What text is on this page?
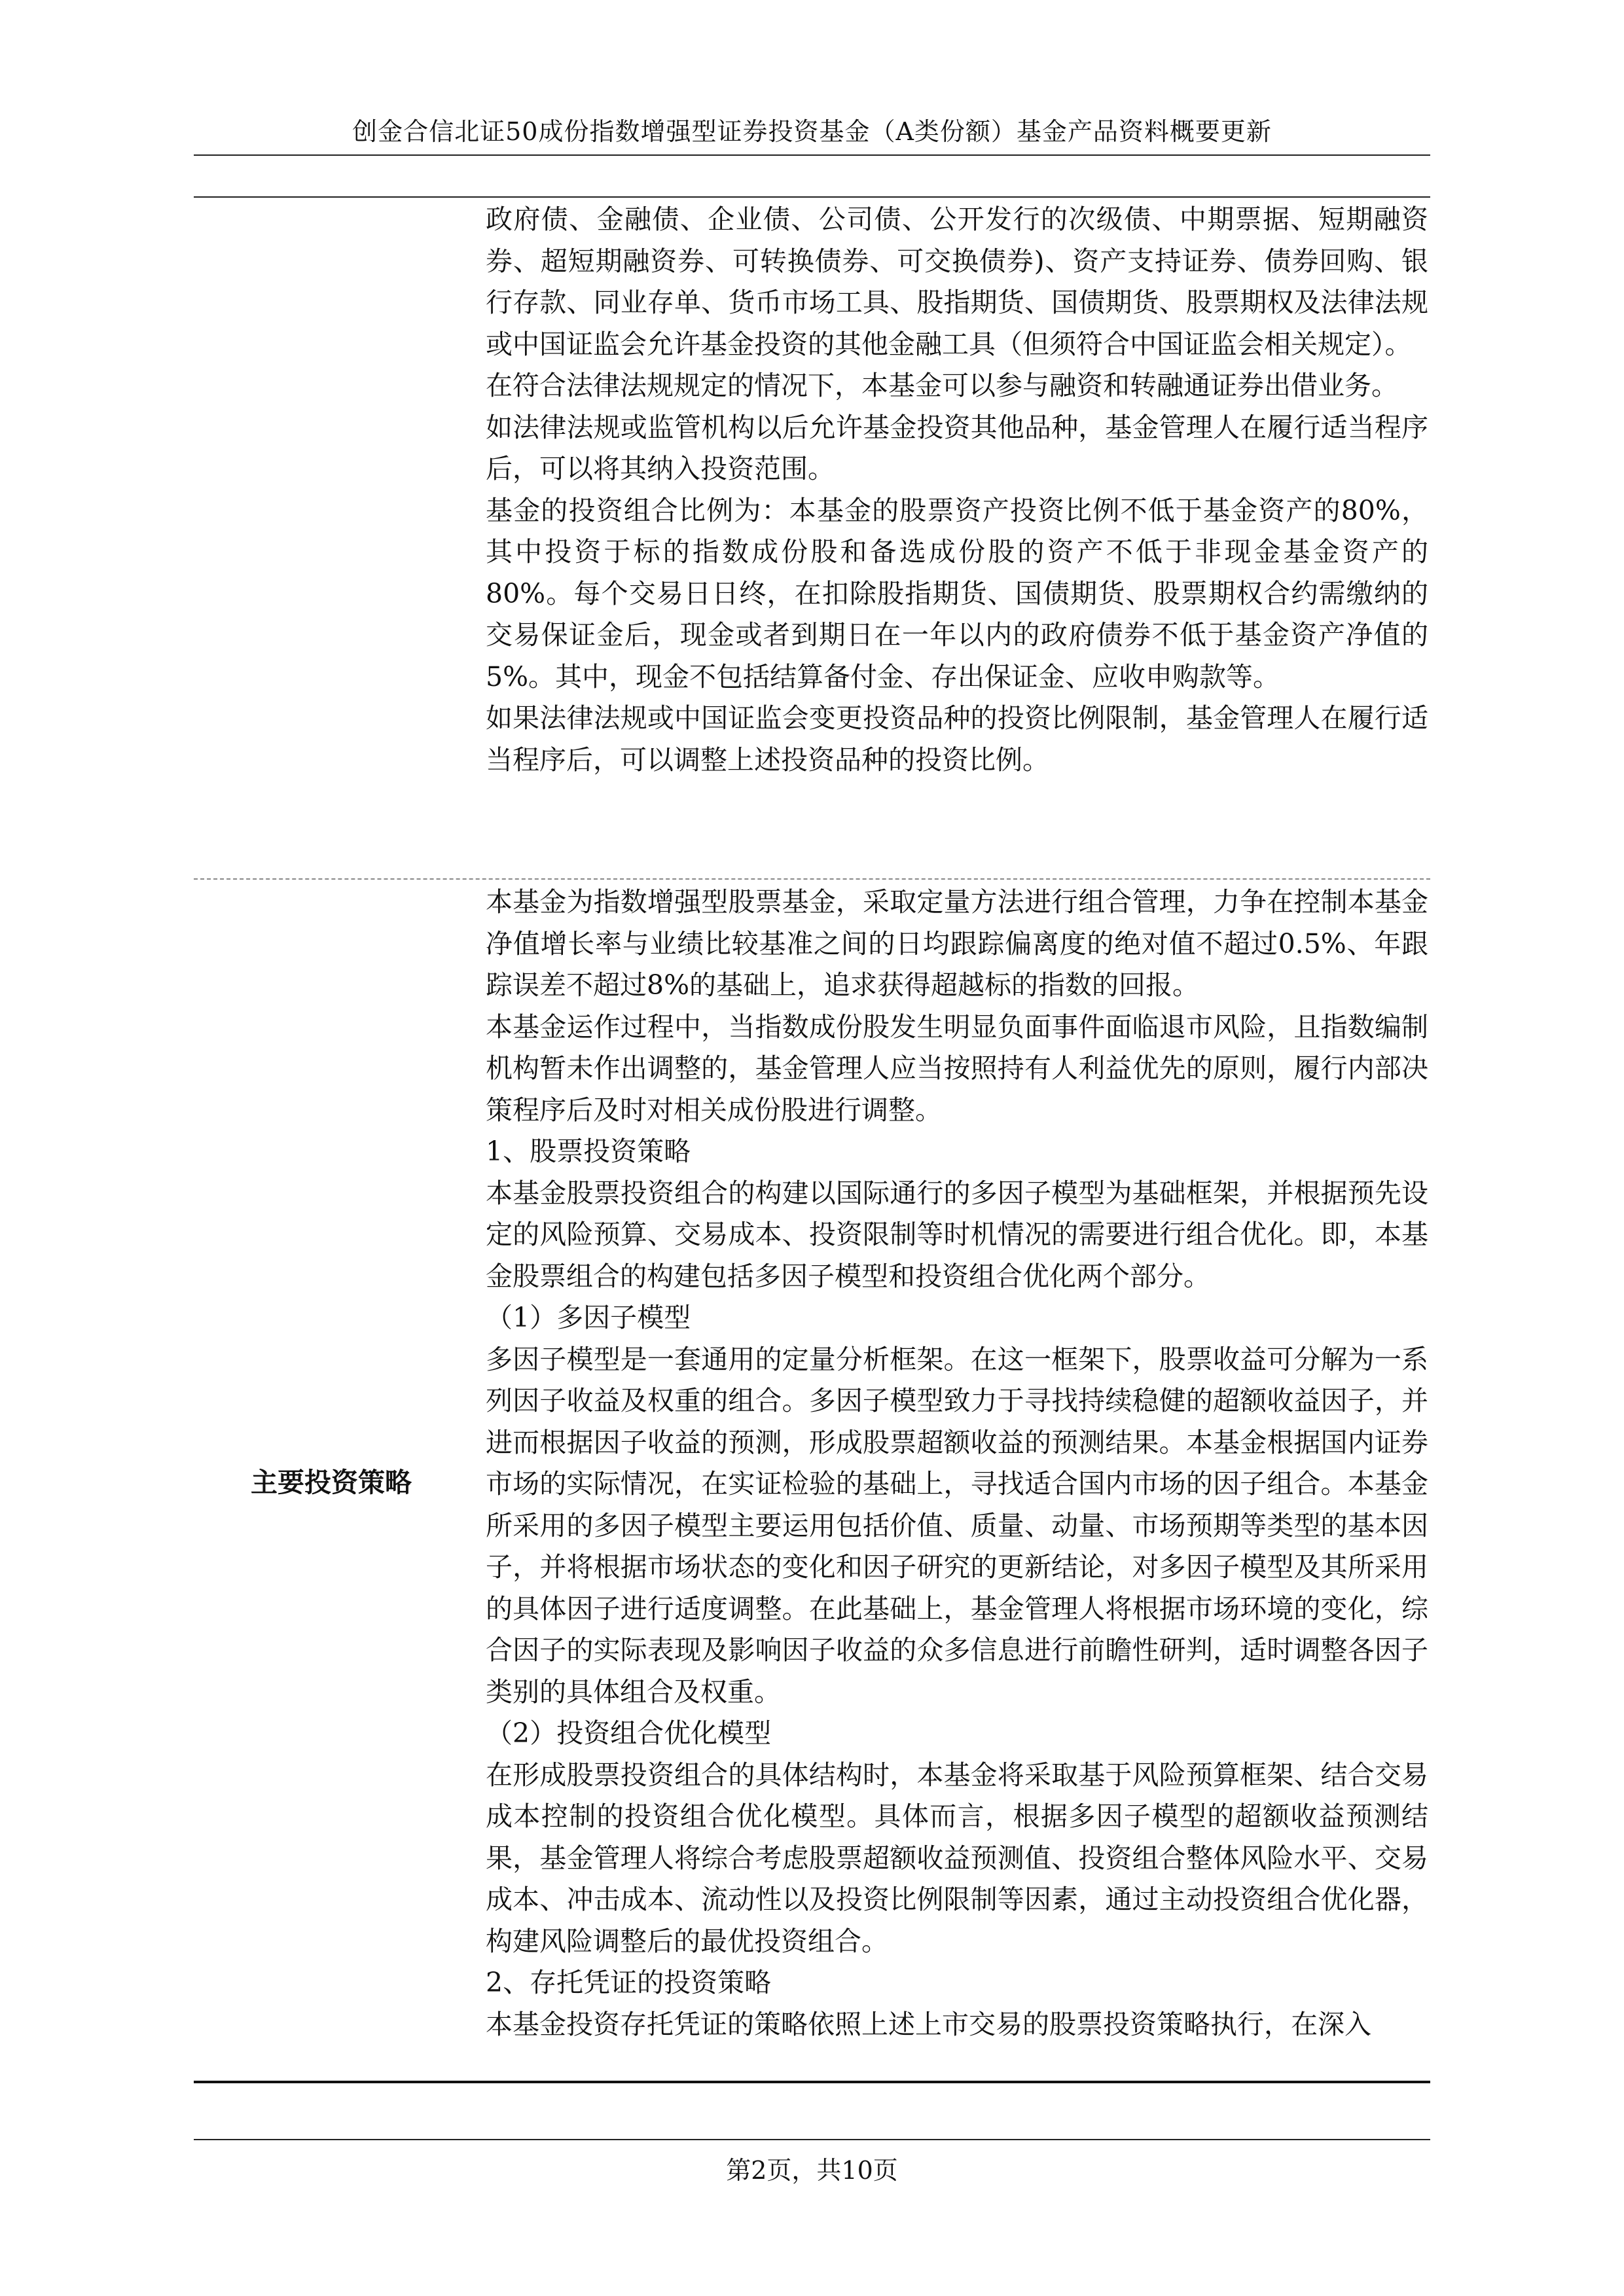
创金合信北证50成份指数增强型证券投资基金（A类份额）基金产品资料概要更新

政府债、金融债、企业债、公司债、公开发行的次级债、中期票据、短期融资券、超短期融资券、可转换债券、可交换债券)、资产支持证券、债券回购、银行存款、同业存单、货币市场工具、股指期货、国债期货、股票期权及法律法规或中国证监会允许基金投资的其他金融工具（但须符合中国证监会相关规定）。

在符合法律法规规定的情况下，本基金可以参与融资和转融通证券出借业务。

如法律法规或监管机构以后允许基金投资其他品种，基金管理人在履行适当程序后，可以将其纳入投资范围。

基金的投资组合比例为：本基金的股票资产投资比例不低于基金资产的80%，其中投资于标的指数成份股和备选成份股的资产不低于非现金基金资产的80%。每个交易日日终，在扣除股指期货、国债期货、股票期权合约需缴纳的交易保证金后，现金或者到期日在一年以内的政府债券不低于基金资产净值的5%。其中，现金不包括结算备付金、存出保证金、应收申购款等。

如果法律法规或中国证监会变更投资品种的投资比例限制，基金管理人在履行适当程序后，可以调整上述投资品种的投资比例。

主要投资策略

本基金为指数增强型股票基金，采取定量方法进行组合管理，力争在控制本基金净值增长率与业绩比较基准之间的日均跟踪偏离度的绝对值不超过0.5%、年跟踪误差不超过8%的基础上，追求获得超越标的指数的回报。

本基金运作过程中，当指数成份股发生明显负面事件面临退市风险，且指数编制机构暂未作出调整的，基金管理人应当按照持有人利益优先的原则，履行内部决策程序后及时对相关成份股进行调整。

1、股票投资策略

本基金股票投资组合的构建以国际通行的多因子模型为基础框架，并根据预先设定的风险预算、交易成本、投资限制等时机情况的需要进行组合优化。即，本基金股票组合的构建包括多因子模型和投资组合优化两个部分。

（1）多因子模型

多因子模型是一套通用的定量分析框架。在这一框架下，股票收益可分解为一系列因子收益及权重的组合。多因子模型致力于寻找持续稳健的超额收益因子，并进而根据因子收益的预测，形成股票超额收益的预测结果。本基金根据国内证券市场的实际情况，在实证检验的基础上，寻找适合国内市场的因子组合。本基金所采用的多因子模型主要运用包括价值、质量、动量、市场预期等类型的基本因子，并将根据市场状态的变化和因子研究的更新结论，对多因子模型及其所采用的具体因子进行适度调整。在此基础上，基金管理人将根据市场环境的变化，综合因子的实际表现及影响因子收益的众多信息进行前瞻性研判，适时调整各因子类别的具体组合及权重。

（2）投资组合优化模型

在形成股票投资组合的具体结构时，本基金将采取基于风险预算框架、结合交易成本控制的投资组合优化模型。具体而言，根据多因子模型的超额收益预测结果，基金管理人将综合考虑股票超额收益预测值、投资组合整体风险水平、交易成本、冲击成本、流动性以及投资比例限制等因素，通过主动投资组合优化器，构建风险调整后的最优投资组合。

2、存托凭证的投资策略

本基金投资存托凭证的策略依照上述上市交易的股票投资策略执行，在深入

第2页，共10页
